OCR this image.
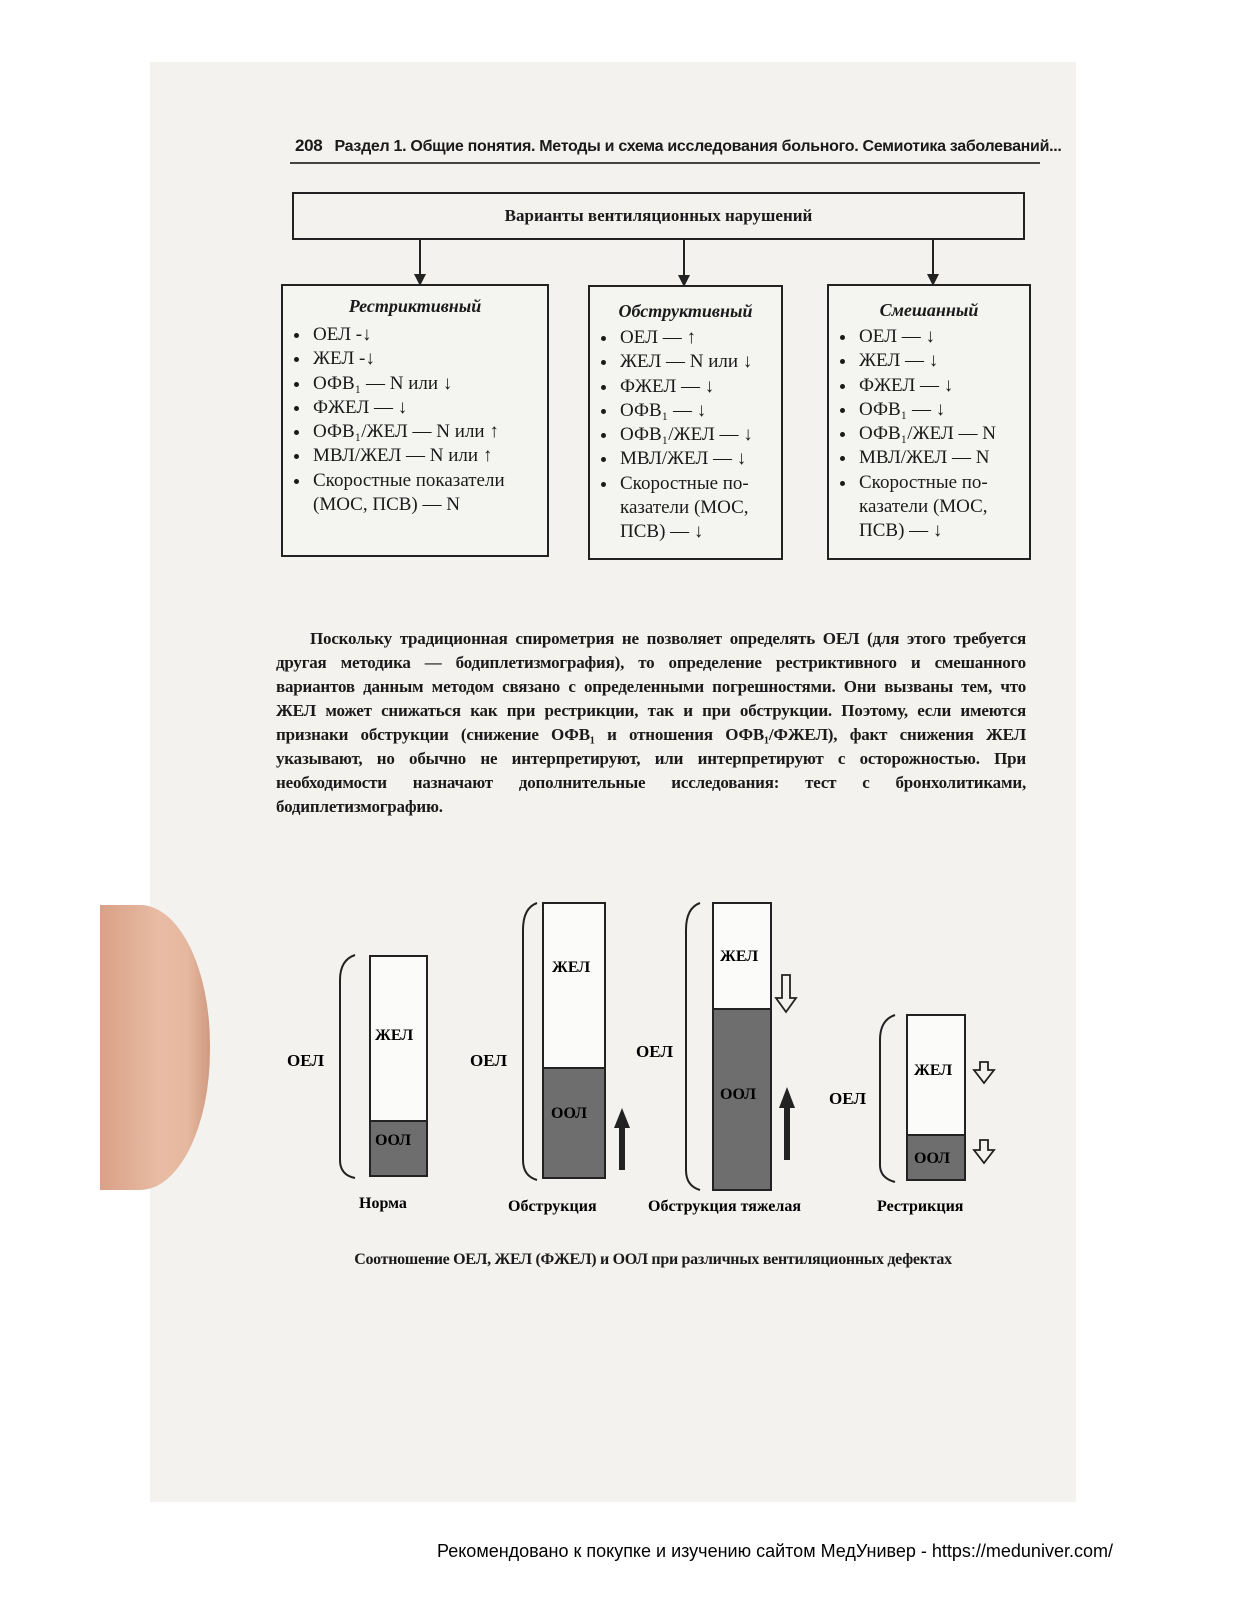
208 Раздел 1. Общие понятия. Методы и схема исследования больного. Семиотика заболеваний...
Варианты вентиляционных нарушений
Рестриктивный
• ОЕЛ -↓
• ЖЕЛ -↓
• ОФВ₁ — N или ↓
• ФЖЕЛ — ↓
• ОФВ₁/ЖЕЛ — N или ↑
• МВЛ/ЖЕЛ — N или ↑
• Скоростные показатели (МОС, ПСВ) — N
Обструктивный
• ОЕЛ — ↑
• ЖЕЛ — N или ↓
• ФЖЕЛ — ↓
• ОФВ₁ — ↓
• ОФВ₁/ЖЕЛ — ↓
• МВЛ/ЖЕЛ — ↓
• Скоростные по-казатели (МОС, ПСВ) — ↓
Смешанный
• ОЕЛ — ↓
• ЖЕЛ — ↓
• ФЖЕЛ — ↓
• ОФВ₁ — ↓
• ОФВ₁/ЖЕЛ — N
• МВЛ/ЖЕЛ — N
• Скоростные по-казатели (МОС, ПСВ) — ↓
Поскольку традиционная спирометрия не позволяет определять ОЕЛ (для этого требуется другая методика — бодиплетизмография), то определение рестриктивного и смешанного вариантов данным методом связано с определенными погрешностями. Они вызваны тем, что ЖЕЛ может снижаться как при рестрикции, так и при обструкции. Поэтому, если имеются признаки обструкции (снижение ОФВ₁ и отношения ОФВ₁/ФЖЕЛ), факт снижения ЖЕЛ указывают, но обычно не интерпретируют, или интерпретируют с осторожностью. При необходимости назначают дополнительные исследования: тест с бронхолитиками, бодиплетизмографию.
ОЕЛ
ЖЕЛ
ООЛ
Норма
ОЕЛ
ЖЕЛ
ООЛ
Обструкция
ОЕЛ
ЖЕЛ
ООЛ
Обструкция тяжелая
ОЕЛ
ЖЕЛ
ООЛ
Рестрикция
Соотношение ОЕЛ, ЖЕЛ (ФЖЕЛ) и ООЛ при различных вентиляционных дефектах
Рекомендовано к покупке и изучению сайтом МедУнивер - https://meduniver.com/
